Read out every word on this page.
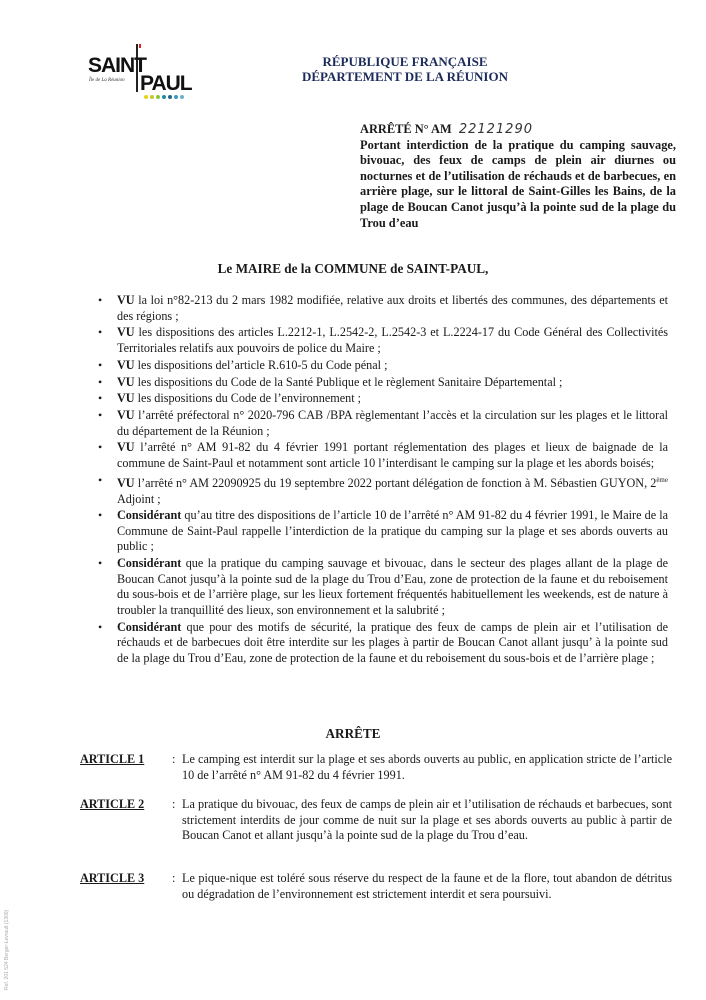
SAINT
Île de La Réunion PAUL
RÉPUBLIQUE FRANÇAISE
DÉPARTEMENT DE LA RÉUNION
ARRÊTÉ N° AM 22121290
Portant interdiction de la pratique du camping sauvage, bivouac, des feux de camps de plein air diurnes ou nocturnes et de l’utilisation de réchauds et de barbecues, en arrière plage, sur le littoral de Saint-Gilles les Bains, de la plage de Boucan Canot jusqu’à la pointe sud de la plage du Trou d’eau
Le MAIRE de la COMMUNE de SAINT-PAUL,
• VU la loi n°82-213 du 2 mars 1982 modifiée, relative aux droits et libertés des communes, des départements et des régions ;
• VU les dispositions des articles L.2212-1, L.2542-2, L.2542-3 et L.2224-17 du Code Général des Collectivités Territoriales relatifs aux pouvoirs de police du Maire ;
• VU les dispositions del’article R.610-5 du Code pénal ;
• VU les dispositions du Code de la Santé Publique et le règlement Sanitaire Départemental ;
• VU les dispositions du Code de l’environnement ;
• VU l’arrêté préfectoral n° 2020-796 CAB /BPA règlementant l’accès et la circulation sur les plages et le littoral du département de la Réunion ;
• VU l’arrêté n° AM 91-82 du 4 février 1991 portant réglementation des plages et lieux de baignade de la commune de Saint-Paul et notamment sont article 10 l’interdisant le camping sur la plage et les abords boisés;
• VU l’arrêté n° AM 22090925 du 19 septembre 2022 portant délégation de fonction à M. Sébastien GUYON, 2ème Adjoint ;
• Considérant qu’au titre des dispositions de l’article 10 de l’arrêté n° AM 91-82 du 4 février 1991, le Maire de la Commune de Saint-Paul rappelle l’interdiction de la pratique du camping sur la plage et ses abords ouverts au public ;
• Considérant que la pratique du camping sauvage et bivouac, dans le secteur des plages allant de la plage de Boucan Canot jusqu’à la pointe sud de la plage du Trou d’Eau, zone de protection de la faune et du reboisement du sous-bois et de l’arrière plage, sur les lieux fortement fréquentés habituellement les weekends, est de nature à troubler la tranquillité des lieux, son environnement et la salubrité ;
• Considérant que pour des motifs de sécurité, la pratique des feux de camps de plein air et l’utilisation de réchauds et de barbecues doit être interdite sur les plages à partir de Boucan Canot allant jusqu’ à la pointe sud de la plage du Trou d’Eau, zone de protection de la faune et du reboisement du sous-bois et de l’arrière plage ;
ARRÊTE
ARTICLE 1 : Le camping est interdit sur la plage et ses abords ouverts au public, en application stricte de l’article 10 de l’arrêté n° AM 91-82 du 4 février 1991.
ARTICLE 2 : La pratique du bivouac, des feux de camps de plein air et l’utilisation de réchauds et barbecues, sont strictement interdits de jour comme de nuit sur la plage et ses abords ouverts au public à partir de Boucan Canot et allant jusqu’à la pointe sud de la plage du Trou d’eau.
ARTICLE 3 : Le pique-nique est toléré sous réserve du respect de la faune et de la flore, tout abandon de détritus ou dégradation de l’environnement est strictement interdit et sera poursuivi.
Ref. 201 524 Berger-Levrault (1309)
